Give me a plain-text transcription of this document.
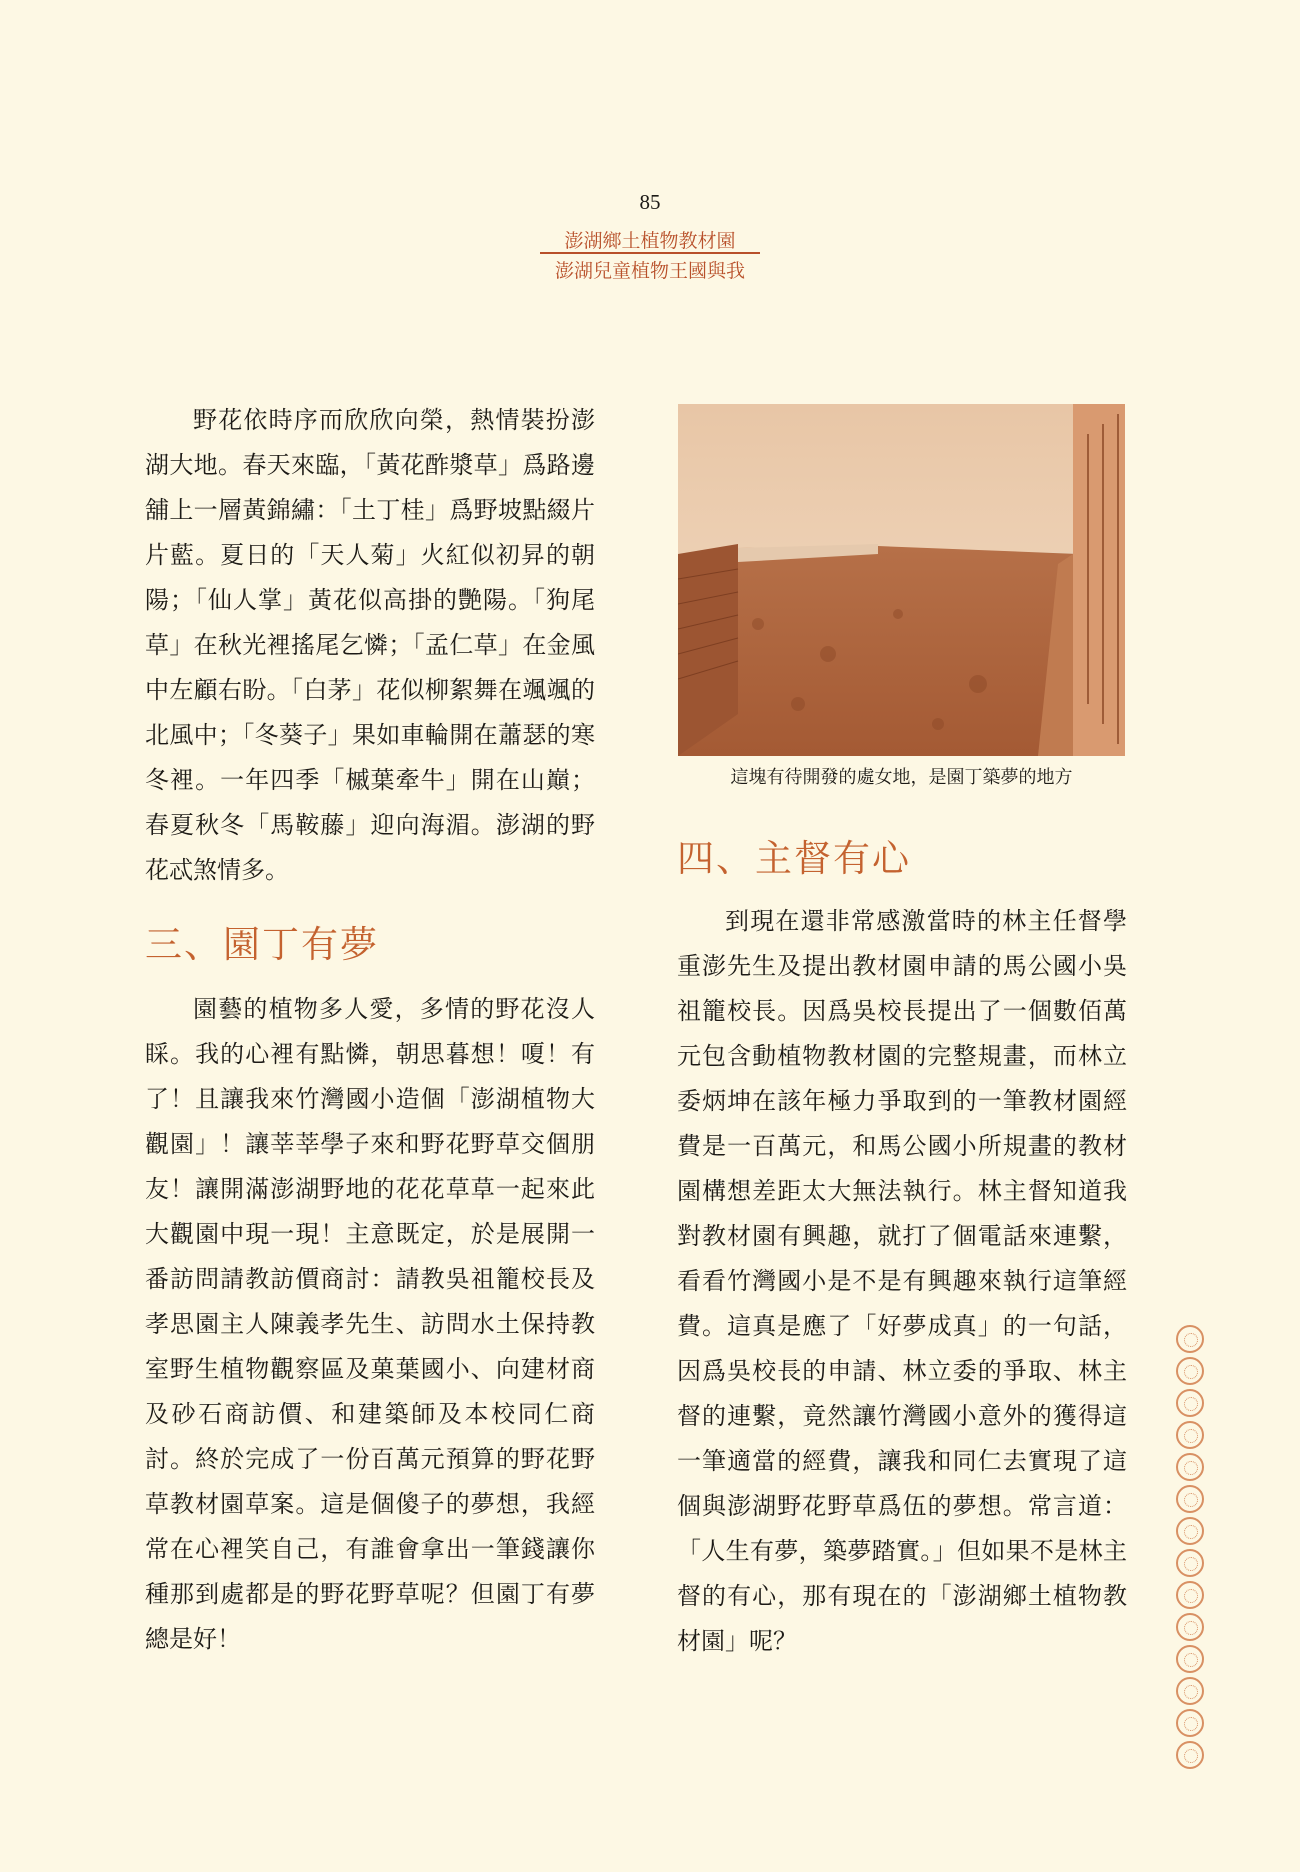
85
澎湖鄉土植物教材園
澎湖兒童植物王國與我

野花依時序而欣欣向榮，熱情裝扮澎湖大地。春天來臨，「黃花酢漿草」爲路邊舖上一層黃錦繡：「土丁桂」爲野坡點綴片片藍。夏日的「天人菊」火紅似初昇的朝陽；「仙人掌」黃花似高掛的艷陽。「狗尾草」在秋光裡搖尾乞憐；「孟仁草」在金風中左顧右盼。「白茅」花似柳絮舞在颯颯的北風中；「冬葵子」果如車輪開在蕭瑟的寒冬裡。一年四季「槭葉牽牛」開在山巔；春夏秋冬「馬鞍藤」迎向海湄。澎湖的野花忒煞情多。

三、園丁有夢

園藝的植物多人愛，多情的野花沒人睬。我的心裡有點憐，朝思暮想！嗄！有了！且讓我來竹灣國小造個「澎湖植物大觀園」！讓莘莘學子來和野花野草交個朋友！讓開滿澎湖野地的花花草草一起來此大觀園中現一現！主意既定，於是展開一番訪問請教訪價商討：請教吳祖籠校長及孝思園主人陳義孝先生、訪問水土保持教室野生植物觀察區及菓葉國小、向建材商及砂石商訪價、和建築師及本校同仁商討。終於完成了一份百萬元預算的野花野草教材園草案。這是個傻子的夢想，我經常在心裡笑自己，有誰會拿出一筆錢讓你種那到處都是的野花野草呢？但園丁有夢總是好！

這塊有待開發的處女地，是園丁築夢的地方
四、主督有心

到現在還非常感激當時的林主任督學重澎先生及提出教材園申請的馬公國小吳祖籠校長。因爲吳校長提出了一個數佰萬元包含動植物教材園的完整規畫，而林立委炳坤在該年極力爭取到的一筆教材園經費是一百萬元，和馬公國小所規畫的教材園構想差距太大無法執行。林主督知道我對教材園有興趣，就打了個電話來連繫，看看竹灣國小是不是有興趣來執行這筆經費。這真是應了「好夢成真」的一句話，因爲吳校長的申請、林立委的爭取、林主督的連繫，竟然讓竹灣國小意外的獲得這一筆適當的經費，讓我和同仁去實現了這個與澎湖野花野草爲伍的夢想。常言道：「人生有夢，築夢踏實。」但如果不是林主督的有心，那有現在的「澎湖鄉土植物教材園」呢？
